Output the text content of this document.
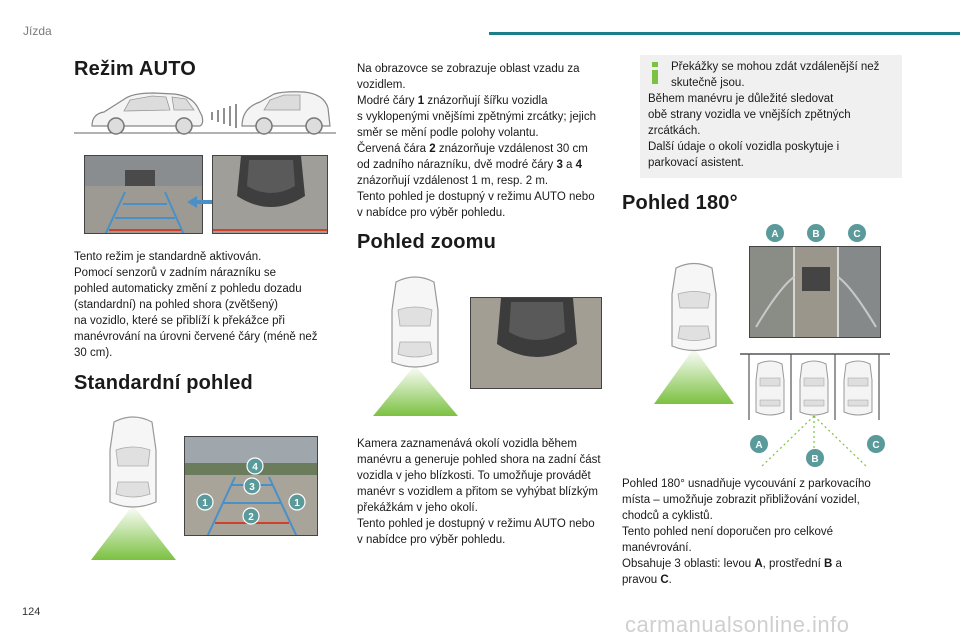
Jízda
Režim AUTO
Tento režim je standardně aktivován.
Pomocí senzorů v zadním nárazníku se
pohled automaticky změní z pohledu dozadu
(standardní) na pohled shora (zvětšený)
na vozidlo, které se přiblíží k překážce při
manévrování na úrovni červené čáry (méně než
30 cm).
Standardní pohled
4
3
1	1
2
Na obrazovce se zobrazuje oblast vzadu za
vozidlem.
Modré čáry 1 znázorňují šířku vozidla
s vyklopenými vnějšími zpětnými zrcátky; jejich
směr se mění podle polohy volantu.
Červená čára 2 znázorňuje vzdálenost 30 cm
od zadního nárazníku, dvě modré čáry 3 a 4
znázorňují vzdálenost 1 m, resp. 2 m.
Tento pohled je dostupný v režimu AUTO nebo
v nabídce pro výběr pohledu.
Pohled zoomu
Kamera zaznamenává okolí vozidla během
manévru a generuje pohled shora na zadní část
vozidla v jeho blízkosti. To umožňuje provádět
manévr s vozidlem a přitom se vyhýbat blízkým
překážkám v jeho okolí.
Tento pohled je dostupný v režimu AUTO nebo
v nabídce pro výběr pohledu.
Překážky se mohou zdát vzdálenější než
skutečně jsou.
Během manévru je důležité sledovat
obě strany vozidla ve vnějších zpětných
zrcátkách.
Další údaje o okolí vozidla poskytuje i
parkovací asistent.
Pohled 180°
A	B	C
A	C
B
Pohled 180° usnadňuje vycouvání z parkovacího
místa – umožňuje zobrazit přibližování vozidel,
chodců a cyklistů.
Tento pohled není doporučen pro celkové
manévrování.
Obsahuje 3 oblasti: levou A, prostřední B a
pravou C.
124	carmanualsonline.info
